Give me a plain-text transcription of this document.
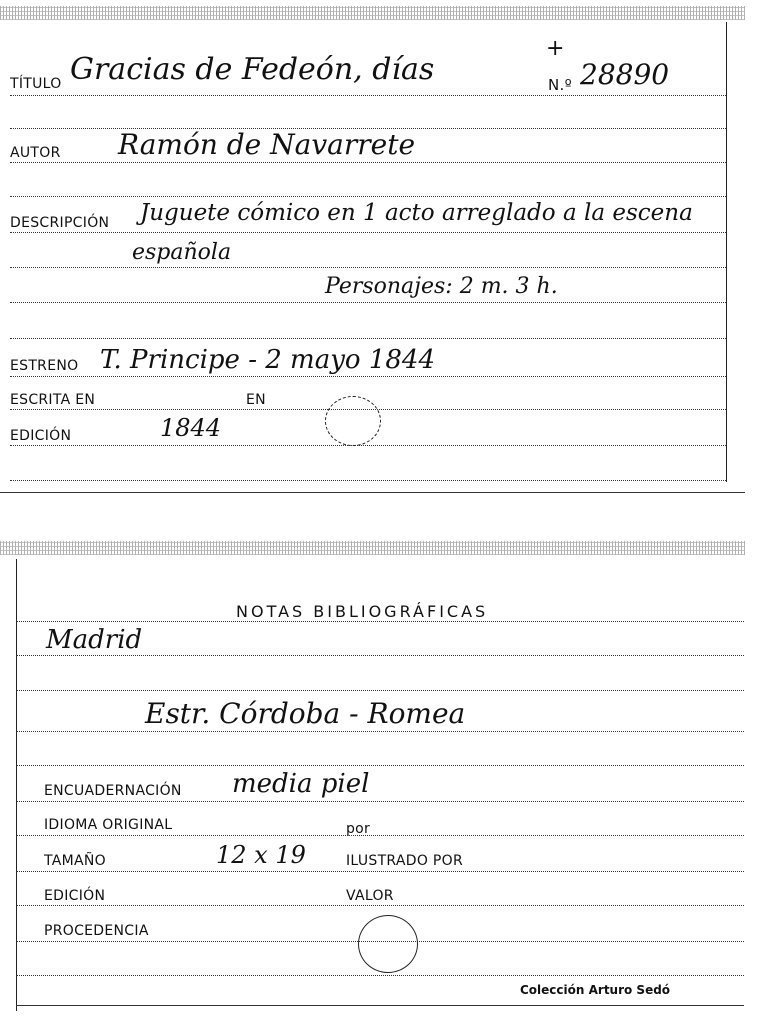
TÍTULO Gracias de Fedeón, días
+
N.º 28890
AUTOR Ramón de Navarrete
DESCRIPCIÓN Juguete cómico en 1 acto arreglado a la escena
española
Personajes: 2 m. 3 h.
ESTRENO T. Principe - 2 mayo 1844
ESCRITA EN	EN
EDICIÓN	1844
NOTAS BIBLIOGRÁFICAS
Madrid
Estr. Córdoba - Romea
ENCUADERNACIÓN media piel
IDIOMA ORIGINAL	por
TAMAÑO	12 x 19	ILUSTRADO POR
EDICIÓN	VALOR
PROCEDENCIA
Colección Arturo Sedó
